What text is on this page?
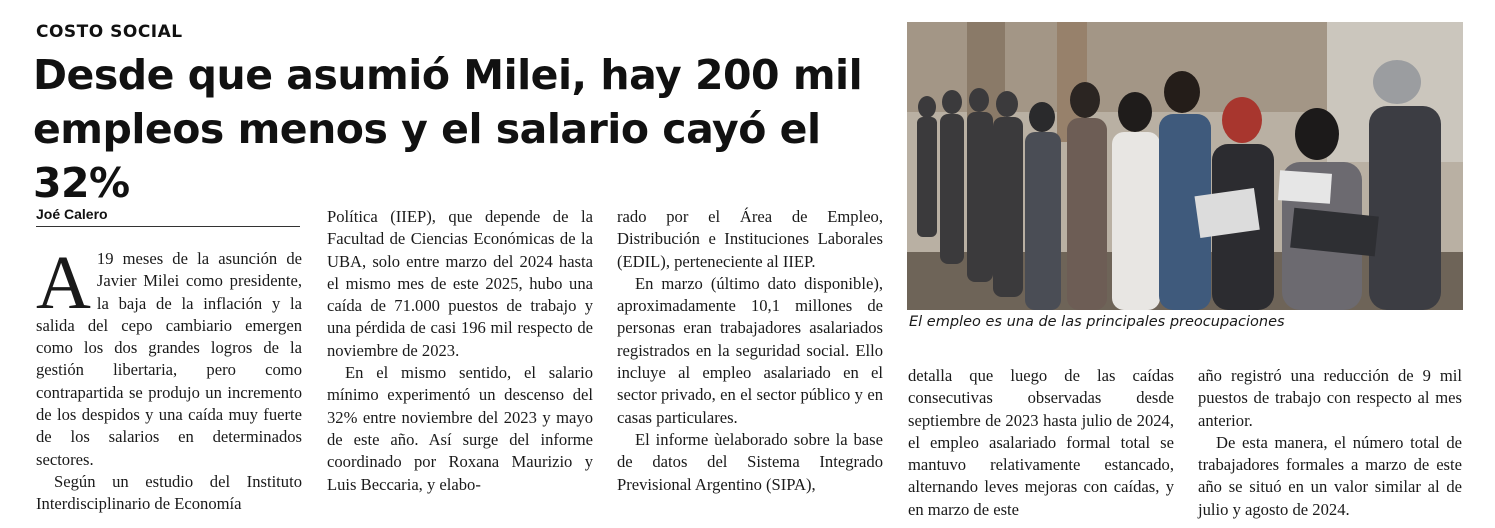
COSTO SOCIAL
Desde que asumió Milei, hay 200 mil empleos menos y el salario cayó el 32%
Joé Calero

A 19 meses de la asunción de Javier Milei como presidente, la baja de la inflación y la salida del cepo cambiario emergen como los dos grandes logros de la gestión libertaria, pero como contrapartida se produjo un incremento de los despidos y una caída muy fuerte de los salarios en determinados sectores.

Según un estudio del Instituto Interdisciplinario de Economía

Política (IIEP), que depende de la Facultad de Ciencias Económicas de la UBA, solo entre marzo del 2024 hasta el mismo mes de este 2025, hubo una caída de 71.000 puestos de trabajo y una pérdida de casi 196 mil respecto de noviembre de 2023.

En el mismo sentido, el salario mínimo experimentó un descenso del 32% entre noviembre del 2023 y mayo de este año. Así surge del informe coordinado por Roxana Maurizio y Luis Beccaria, y elabo-

rado por el Área de Empleo, Distribución e Instituciones Laborales (EDIL), perteneciente al IIEP.

En marzo (último dato disponible), aproximadamente 10,1 millones de personas eran trabajadores asalariados registrados en la seguridad social. Ello incluye al empleo asalariado en el sector privado, en el sector público y en casas particulares.

El informe ùelaborado sobre la base de datos del Sistema Integrado Previsional Argentino (SIPA),

El empleo es una de las principales preocupaciones

detalla que luego de las caídas consecutivas observadas desde septiembre de 2023 hasta julio de 2024, el empleo asalariado formal total se mantuvo relativamente estancado, alternando leves mejoras con caídas, y en marzo de este

año registró una reducción de 9 mil puestos de trabajo con respecto al mes anterior.

De esta manera, el número total de trabajadores formales a marzo de este año se situó en un valor similar al de julio y agosto de 2024.
